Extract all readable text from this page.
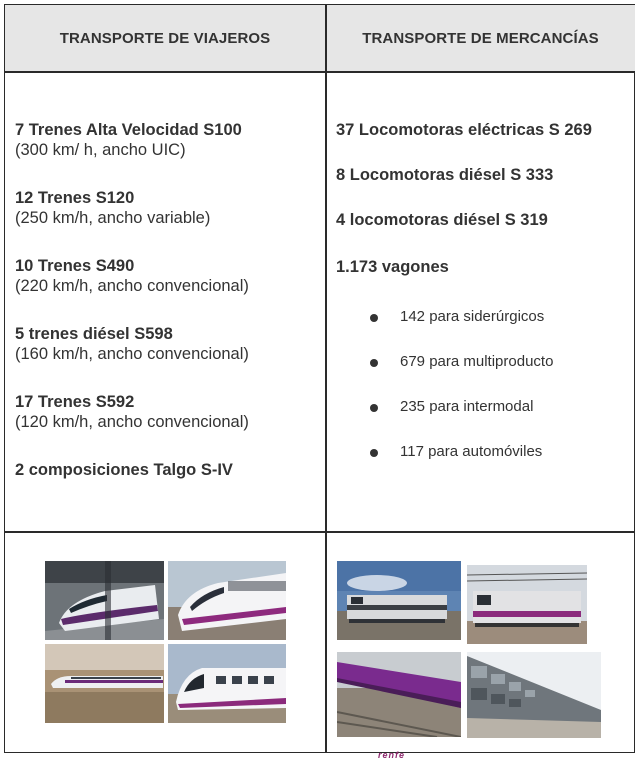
TRANSPORTE DE VIAJEROS	TRANSPORTE DE MERCANCÍAS
7 Trenes Alta Velocidad S100
(300 km/ h, ancho UIC)
12 Trenes S120
(250 km/h, ancho variable)
10 Trenes S490
(220 km/h, ancho convencional)
5 trenes diésel S598
(160 km/h, ancho convencional)
17 Trenes S592
(120 km/h, ancho convencional)
2 composiciones Talgo S-IV
37 Locomotoras eléctricas S 269
8 Locomotoras diésel S 333
4 locomotoras diésel S 319
1.173 vagones
142 para siderúrgicos
679 para multiproducto
235 para intermodal
117 para automóviles
renfe
